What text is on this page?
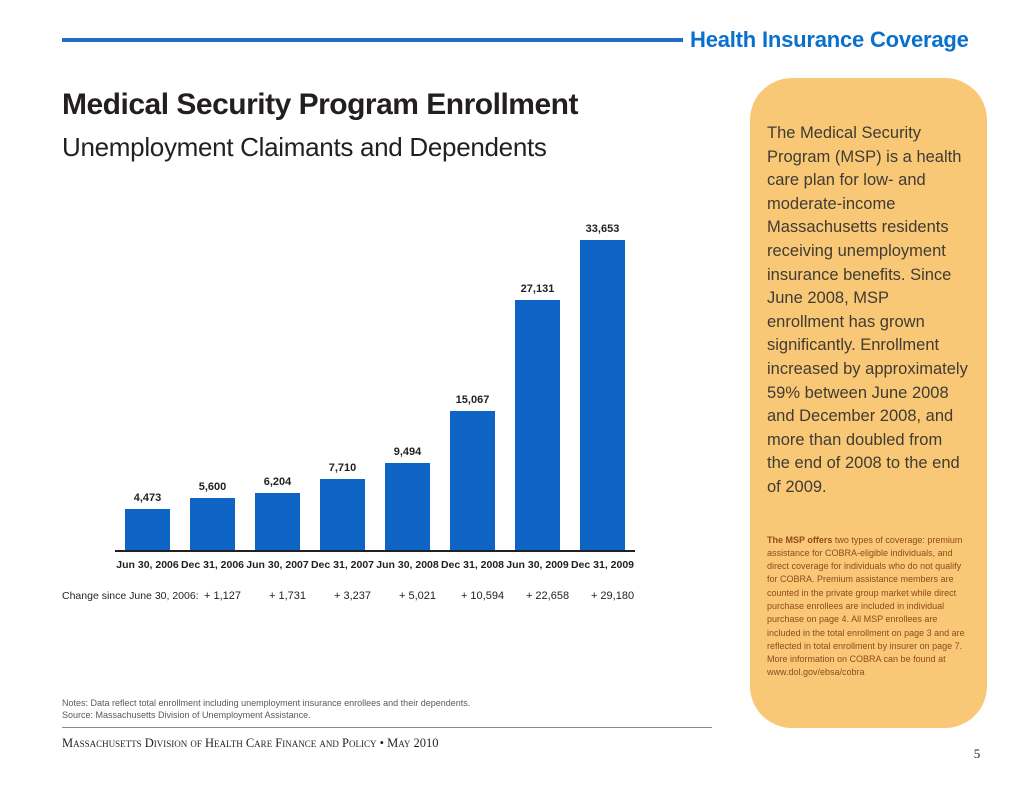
Health Insurance Coverage
Medical Security Program Enrollment
Unemployment Claimants and Dependents
4,473
5,600	6,204
7,710
9,494
15,067
27,131
33,653
Jun 30, 2006 Dec 31, 2006 Jun 30, 2007 Dec 31, 2007 Jun 30, 2008 Dec 31, 2008 Jun 30, 2009 Dec 31, 2009
Change since June 30, 2006: + 1,127	+ 1,731	+ 3,237	+ 5,021	+ 10,594	+ 22,658	+ 29,180
Notes: Data reflect total enrollment including unemployment insurance enrollees and their dependents.
Source: Massachusetts Division of Unemployment Assistance.
Massachusetts Division of Health Care Finance and Policy • May 2010
5
The Medical Security Program (MSP) is a health care plan for low- and moderate-income Massachusetts residents receiving unemployment insurance benefits. Since June 2008, MSP enrollment has grown significantly. Enrollment increased by approximately 59% between June 2008 and December 2008, and more than doubled from the end of 2008 to the end of 2009.
The MSP offers two types of coverage: premium assistance for COBRA-eligible individuals, and direct coverage for individuals who do not qualify for COBRA. Premium assistance members are counted in the private group market while direct purchase enrollees are included in individual purchase on page 4. All MSP enrollees are included in the total enrollment on page 3 and are reflected in total enrollment by insurer on page 7. More information on COBRA can be found at www.dol.gov/ebsa/cobra
